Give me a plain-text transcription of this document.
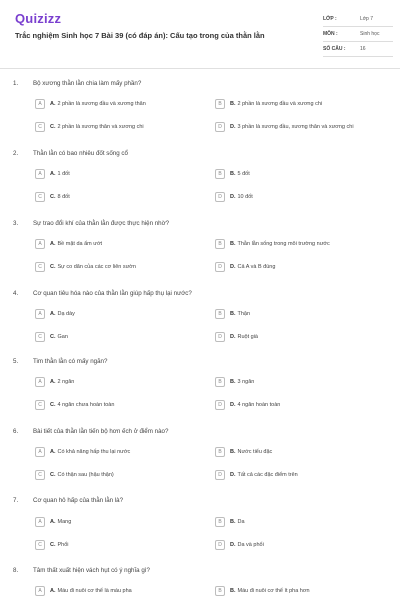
Quizizz
Trắc nghiệm Sinh học 7 Bài 39 (có đáp án): Cấu tạo trong của thằn lằn
LỚP :	Lớp 7
MÔN :	Sinh học
SỐ CÂU :	16
1. Bộ xương thằn lằn chia làm mấy phần?
A	A. 2 phần là xương đầu và xương thân	B	B. 2 phần là xương đầu và xương chi
C	C. 2 phần là xương thân và xương chi	D	D. 3 phần là xương đầu, xương thân và xương chi
2. Thằn lằn có bao nhiêu đốt sống cổ
A	A. 1 đốt	B	B. 5 đốt
C	C. 8 đốt	D	D. 10 đốt
3. Sự trao đổi khí của thằn lằn được thực hiện nhờ?
A	A. Bề mặt da ẩm ướt	B	B. Thằn lằn sống trong môi trường nước
C	C. Sự co dãn của các cơ liên sườn	D	D. Cả A và B đúng
4. Cơ quan tiêu hóa nào của thằn lằn giúp hấp thụ lại nước?
A	A. Dạ dày	B	B. Thận
C	C. Gan	D	D. Ruột già
5. Tim thằn lằn có mấy ngăn?
A	A. 2 ngăn	B	B. 3 ngăn
C	C. 4 ngăn chưa hoàn toàn	D	D. 4 ngăn hoàn toàn
6. Bài tiết của thằn lằn tiến bộ hơn ếch ở điểm nào?
A	A. Có khả năng hấp thu lại nước	B	B. Nước tiểu đặc
C	C. Có thận sau (hậu thận)	D	D. Tất cả các đặc điểm trên
7. Cơ quan hô hấp của thằn lằn là?
A	A. Mang	B	B. Da
C	C. Phổi	D	D. Da và phổi
8. Tâm thất xuất hiện vách hụt có ý nghĩa gì?
A	A. Máu đi nuôi cơ thể là máu pha	B	B. Máu đi nuôi cơ thể ít pha hơn
